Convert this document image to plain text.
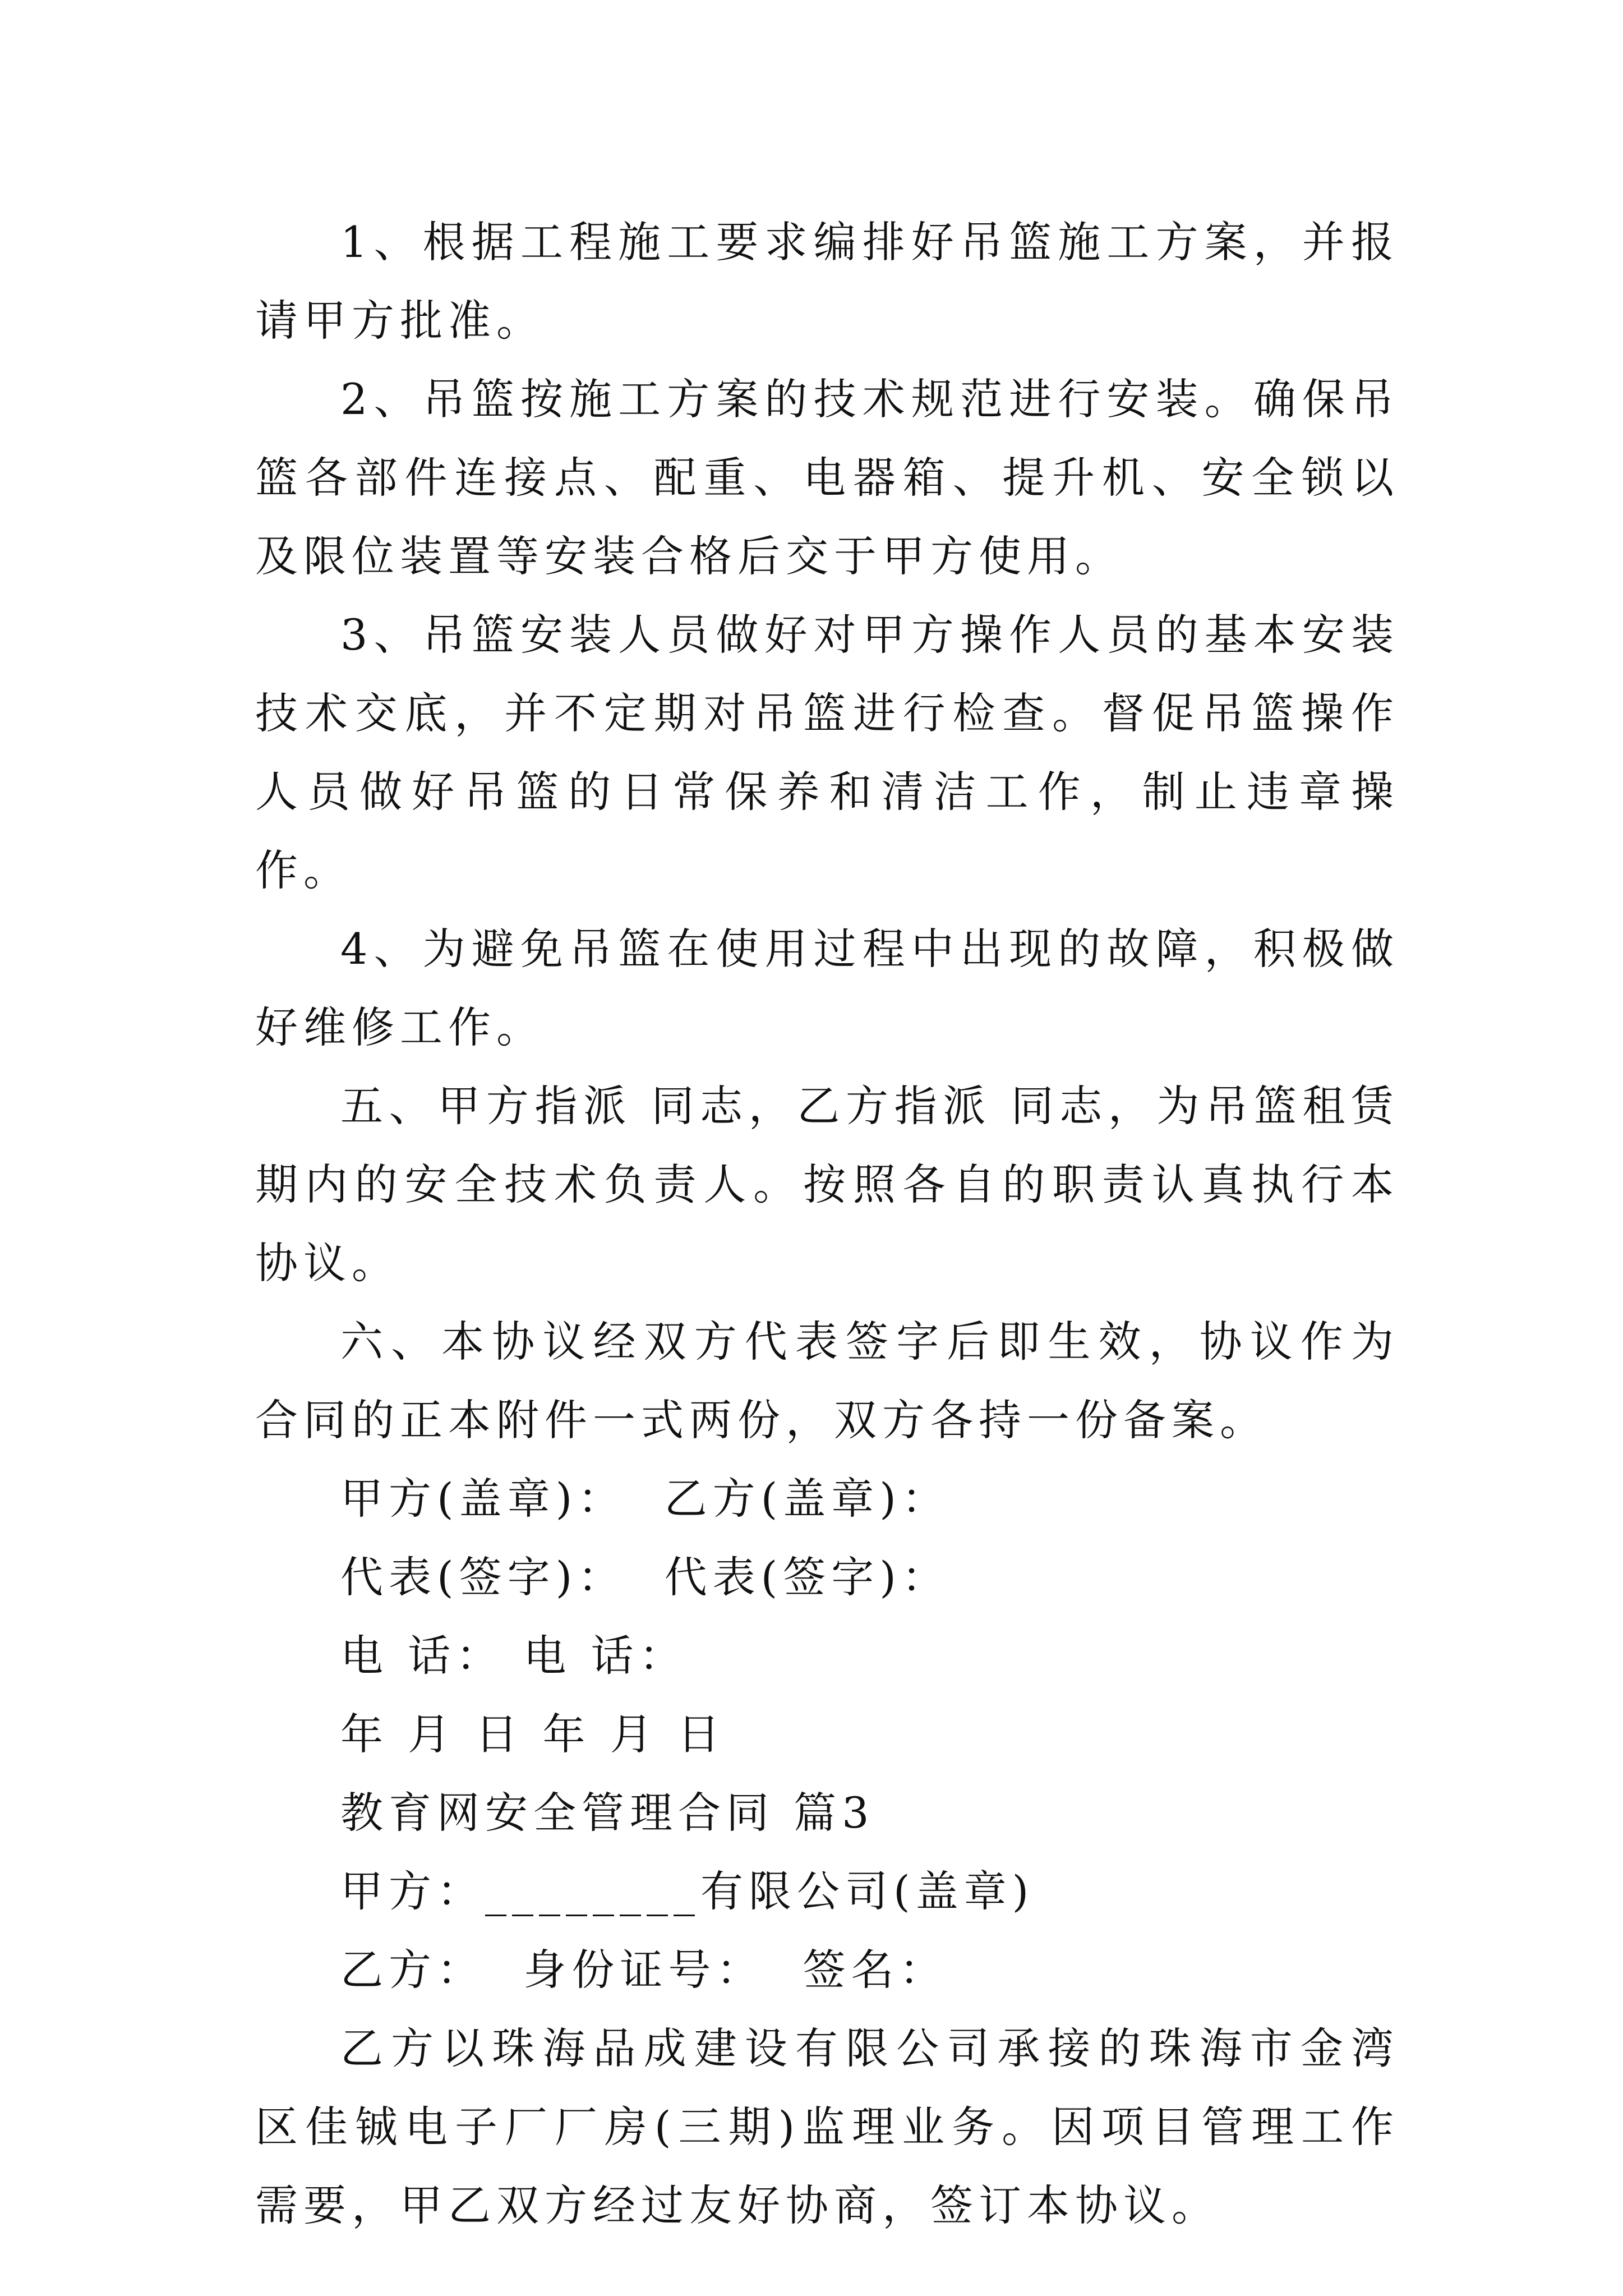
1、根据工程施工要求编排好吊篮施工方案，并报请甲方批准。

2、吊篮按施工方案的技术规范进行安装。确保吊篮各部件连接点、配重、电器箱、提升机、安全锁以及限位装置等安装合格后交于甲方使用。

3、吊篮安装人员做好对甲方操作人员的基本安装技术交底，并不定期对吊篮进行检查。督促吊篮操作人员做好吊篮的日常保养和清洁工作，制止违章操作。

4、为避免吊篮在使用过程中出现的故障，积极做好维修工作。

五、甲方指派 同志，乙方指派 同志，为吊篮租赁期内的安全技术负责人。按照各自的职责认真执行本协议。

六、本协议经双方代表签字后即生效，协议作为合同的正本附件一式两份，双方各持一份备案。

甲方(盖章)：  乙方(盖章)：

代表(签字)：  代表(签字)：

电 话： 电 话：

年 月 日 年 月 日

教育网安全管理合同 篇3

甲方：________有限公司(盖章)

乙方：  身份证号：  签名：

乙方以珠海品成建设有限公司承接的珠海市金湾区佳铖电子厂厂房(三期)监理业务。因项目管理工作需要，甲乙双方经过友好协商，签订本协议。
